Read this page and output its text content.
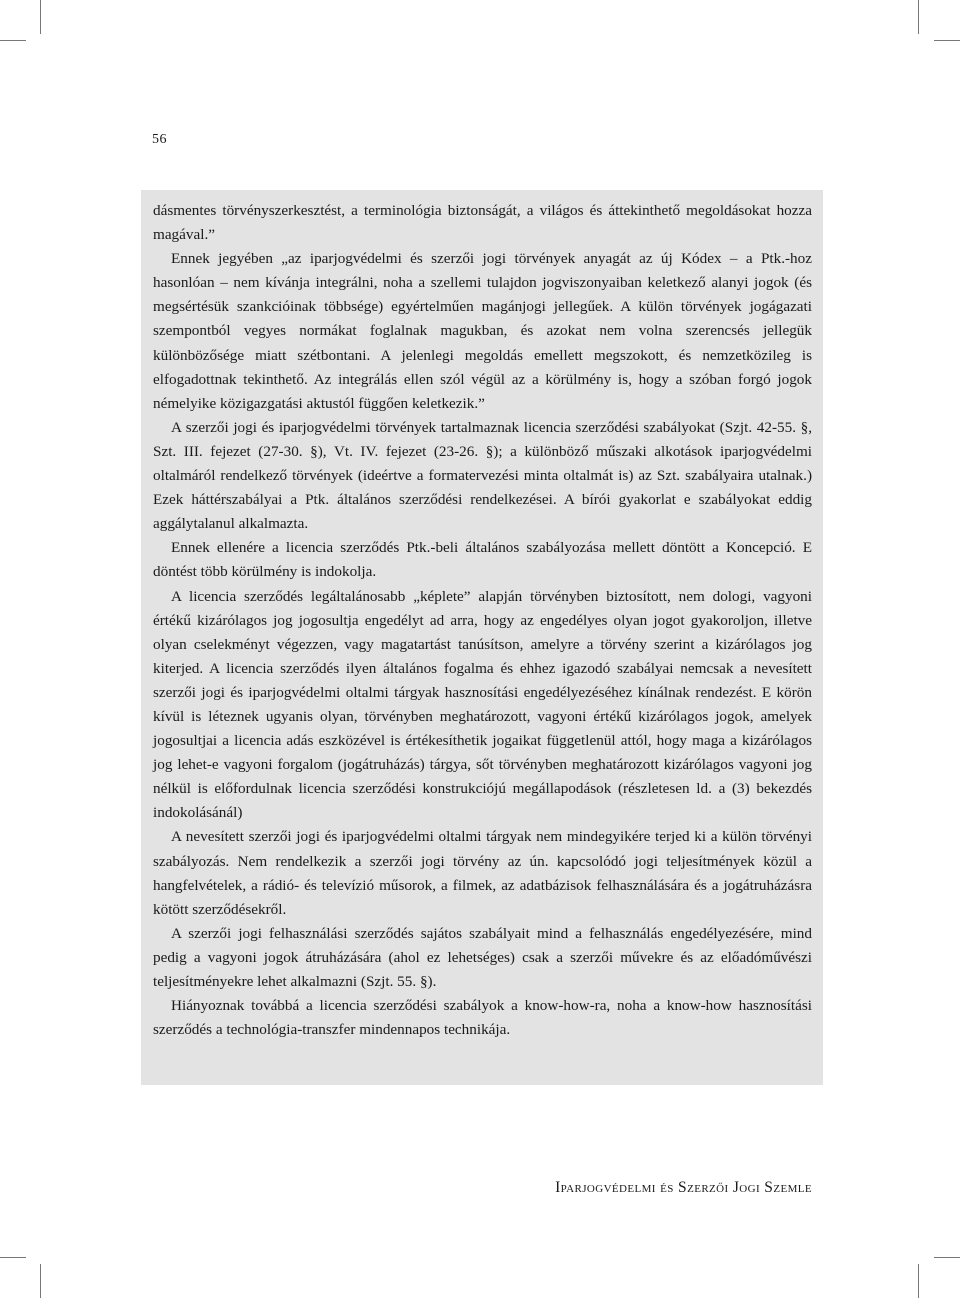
56

dásmentes törvényszerkesztést, a terminológia biztonságát, a világos és áttekinthető megoldásokat hozza magával.”

Ennek jegyében „az iparjogvédelmi és szerzői jogi törvények anyagát az új Kódex – a Ptk.-hoz hasonlóan – nem kívánja integrálni, noha a szellemi tulajdon jogviszonyaiban keletkező alanyi jogok (és megsértésük szankcióinak többsége) egyértelműen magánjogi jellegűek. A külön törvények jogágazati szempontból vegyes normákat foglalnak magukban, és azokat nem volna szerencsés jellegük különbözősége miatt szétbontani. A jelenlegi megoldás emellett megszokott, és nemzetközileg is elfogadottnak tekinthető. Az integrálás ellen szól végül az a körülmény is, hogy a szóban forgó jogok némelyike közigazgatási aktustól függően keletkezik.”

A szerzői jogi és iparjogvédelmi törvények tartalmaznak licencia szerződési szabályokat (Szjt. 42-55. §, Szt. III. fejezet (27-30. §), Vt. IV. fejezet (23-26. §); a különböző műszaki alkotások iparjogvédelmi oltalmáról rendelkező törvények (ideértve a formatervezési minta oltalmát is) az Szt. szabályaira utalnak.) Ezek háttérszabályai a Ptk. általános szerződési rendelkezései. A bírói gyakorlat e szabályokat eddig aggálytalanul alkalmazta.

Ennek ellenére a licencia szerződés Ptk.-beli általános szabályozása mellett döntött a Koncepció. E döntést több körülmény is indokolja.

A licencia szerződés legáltalánosabb „képlete” alapján törvényben biztosított, nem dologi, vagyoni értékű kizárólagos jog jogosultja engedélyt ad arra, hogy az engedélyes olyan jogot gyakoroljon, illetve olyan cselekményt végezzen, vagy magatartást tanúsítson, amelyre a törvény szerint a kizárólagos jog kiterjed. A licencia szerződés ilyen általános fogalma és ehhez igazodó szabályai nemcsak a nevesített szerzői jogi és iparjogvédelmi oltalmi tárgyak hasznosítási engedélyezéséhez kínálnak rendezést. E körön kívül is léteznek ugyanis olyan, törvényben meghatározott, vagyoni értékű kizárólagos jogok, amelyek jogosultjai a licencia adás eszközével is értékesíthetik jogaikat függetlenül attól, hogy maga a kizárólagos jog lehet-e vagyoni forgalom (jogátruházás) tárgya, sőt törvényben meghatározott kizárólagos vagyoni jog nélkül is előfordulnak licencia szerződési konstrukciójú megállapodások (részletesen ld. a (3) bekezdés indokolásánál)

A nevesített szerzői jogi és iparjogvédelmi oltalmi tárgyak nem mindegyikére terjed ki a külön törvényi szabályozás. Nem rendelkezik a szerzői jogi törvény az ún. kapcsolódó jogi teljesítmények közül a hangfelvételek, a rádió- és televízió műsorok, a filmek, az adatbázisok felhasználására és a jogátruházásra kötött szerződésekről.

A szerzői jogi felhasználási szerződés sajátos szabályait mind a felhasználás engedélyezésére, mind pedig a vagyoni jogok átruházására (ahol ez lehetséges) csak a szerzői művekre és az előadóművészi teljesítményekre lehet alkalmazni (Szjt. 55. §).

Hiányoznak továbbá a licencia szerződési szabályok a know-how-ra, noha a know-how hasznosítási szerződés a technológia-transzfer mindennapos technikája.

Iparjogvédelmi és Szerzői Jogi Szemle
